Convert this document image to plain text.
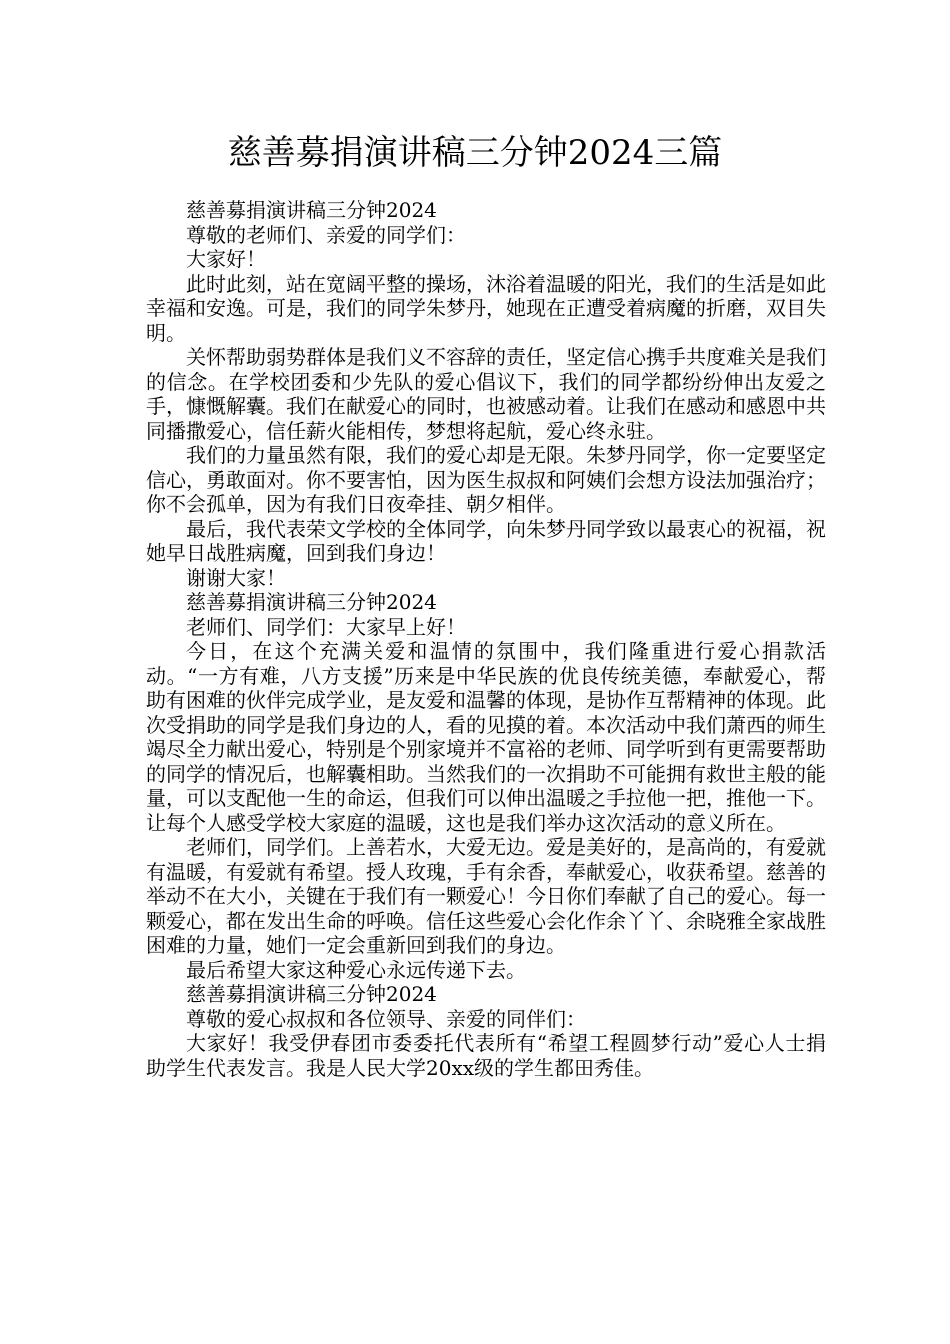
慈善募捐演讲稿三分钟2024三篇

慈善募捐演讲稿三分钟2024

尊敬的老师们、亲爱的同学们：

大家好！

此时此刻，站在宽阔平整的操场，沐浴着温暖的阳光，我们的生活是如此幸福和安逸。可是，我们的同学朱梦丹，她现在正遭受着病魔的折磨，双目失明。

关怀帮助弱势群体是我们义不容辞的责任，坚定信心携手共度难关是我们的信念。在学校团委和少先队的爱心倡议下，我们的同学都纷纷伸出友爱之手，慷慨解囊。我们在献爱心的同时，也被感动着。让我们在感动和感恩中共同播撒爱心，信任薪火能相传，梦想将起航，爱心终永驻。

我们的力量虽然有限，我们的爱心却是无限。朱梦丹同学，你一定要坚定信心，勇敢面对。你不要害怕，因为医生叔叔和阿姨们会想方设法加强治疗；你不会孤单，因为有我们日夜牵挂、朝夕相伴。

最后，我代表荣文学校的全体同学，向朱梦丹同学致以最衷心的祝福，祝她早日战胜病魔，回到我们身边！

谢谢大家！

慈善募捐演讲稿三分钟2024

老师们、同学们：大家早上好！

今日，在这个充满关爱和温情的氛围中，我们隆重进行爱心捐款活动。“一方有难，八方支援”历来是中华民族的优良传统美德，奉献爱心，帮助有困难的伙伴完成学业，是友爱和温馨的体现，是协作互帮精神的体现。此次受捐助的同学是我们身边的人，看的见摸的着。本次活动中我们萧西的师生竭尽全力献出爱心，特别是个别家境并不富裕的老师、同学听到有更需要帮助的同学的情况后，也解囊相助。当然我们的一次捐助不可能拥有救世主般的能量，可以支配他一生的命运，但我们可以伸出温暖之手拉他一把，推他一下。让每个人感受学校大家庭的温暖，这也是我们举办这次活动的意义所在。

老师们，同学们。上善若水，大爱无边。爱是美好的，是高尚的，有爱就有温暖，有爱就有希望。授人玫瑰，手有余香，奉献爱心，收获希望。慈善的举动不在大小，关键在于我们有一颗爱心！今日你们奉献了自己的爱心。每一颗爱心，都在发出生命的呼唤。信任这些爱心会化作余丫丫、余晓雅全家战胜困难的力量，她们一定会重新回到我们的身边。

最后希望大家这种爱心永远传递下去。

慈善募捐演讲稿三分钟2024

尊敬的爱心叔叔和各位领导、亲爱的同伴们：

大家好！我受伊春团市委委托代表所有“希望工程圆梦行动”爱心人士捐助学生代表发言。我是人民大学20xx级的学生都田秀佳。
